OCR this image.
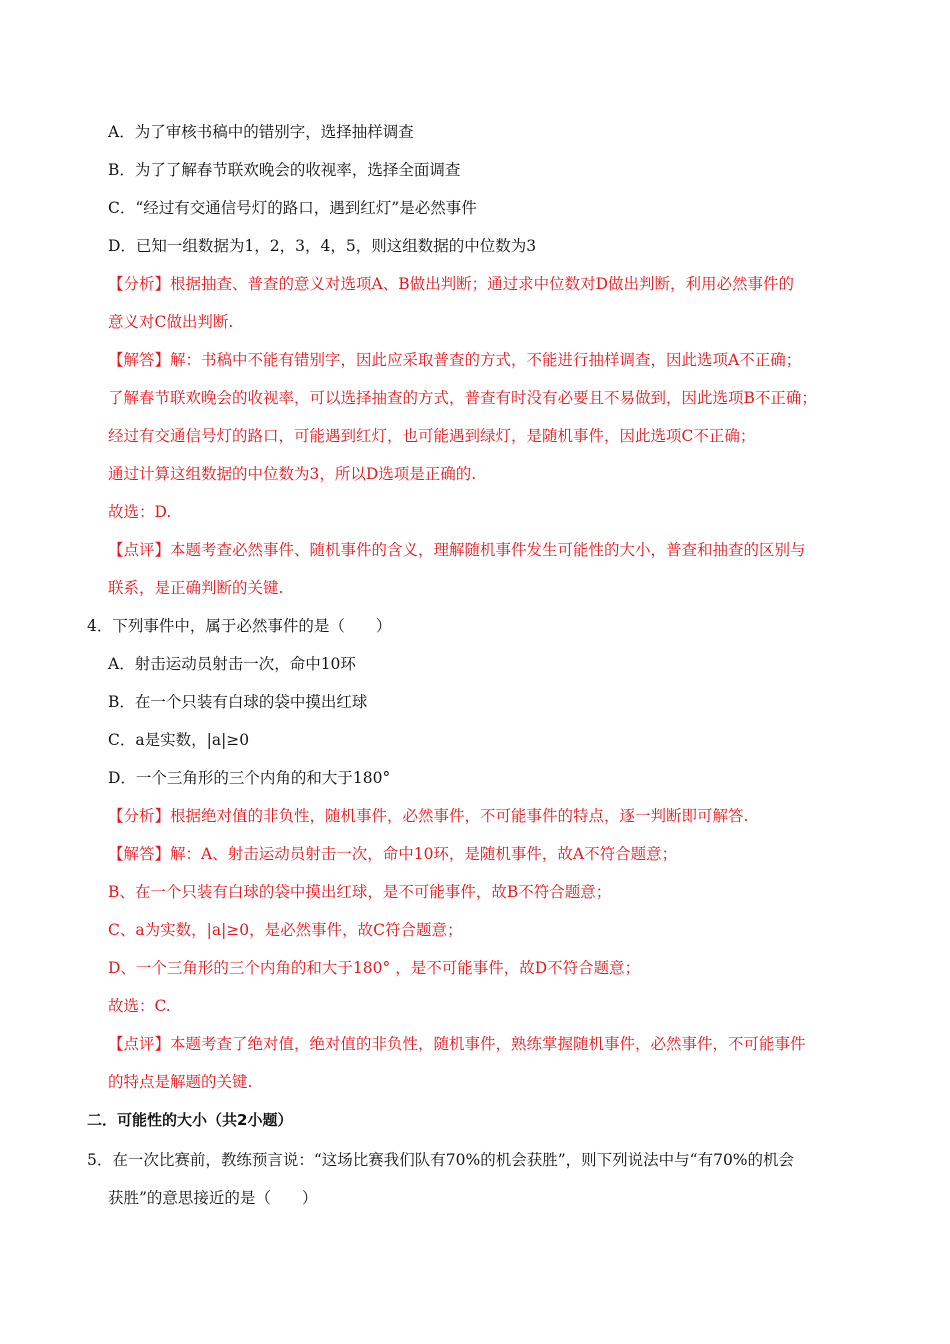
A．为了审核书稿中的错别字，选择抽样调查
B．为了了解春节联欢晚会的收视率，选择全面调查
C．“经过有交通信号灯的路口，遇到红灯”是必然事件
D．已知一组数据为1，2，3，4，5，则这组数据的中位数为3
【分析】根据抽查、普查的意义对选项A、B做出判断；通过求中位数对D做出判断，利用必然事件的
意义对C做出判断.
【解答】解：书稿中不能有错别字，因此应采取普查的方式，不能进行抽样调查，因此选项A不正确；
了解春节联欢晚会的收视率，可以选择抽查的方式，普查有时没有必要且不易做到，因此选项B不正确；
经过有交通信号灯的路口，可能遇到红灯，也可能遇到绿灯，是随机事件，因此选项C不正确；
通过计算这组数据的中位数为3，所以D选项是正确的.
故选：D.
【点评】本题考查必然事件、随机事件的含义，理解随机事件发生可能性的大小，普查和抽查的区别与
联系，是正确判断的关键.
4．下列事件中，属于必然事件的是（　　）
A．射击运动员射击一次，命中10环
B．在一个只装有白球的袋中摸出红球
C．a是实数，|a|≥0
D．一个三角形的三个内角的和大于180°
【分析】根据绝对值的非负性，随机事件，必然事件，不可能事件的特点，逐一判断即可解答.
【解答】解：A、射击运动员射击一次，命中10环，是随机事件，故A不符合题意；
B、在一个只装有白球的袋中摸出红球，是不可能事件，故B不符合题意；
C、a为实数，|a|≥0，是必然事件，故C符合题意；
D、一个三角形的三个内角的和大于180° ，是不可能事件，故D不符合题意；
故选：C.
【点评】本题考查了绝对值，绝对值的非负性，随机事件，熟练掌握随机事件，必然事件，不可能事件
的特点是解题的关键.
二．可能性的大小（共2小题）
5．在一次比赛前，教练预言说：“这场比赛我们队有70%的机会获胜”，则下列说法中与“有70%的机会
获胜”的意思接近的是（　　）
